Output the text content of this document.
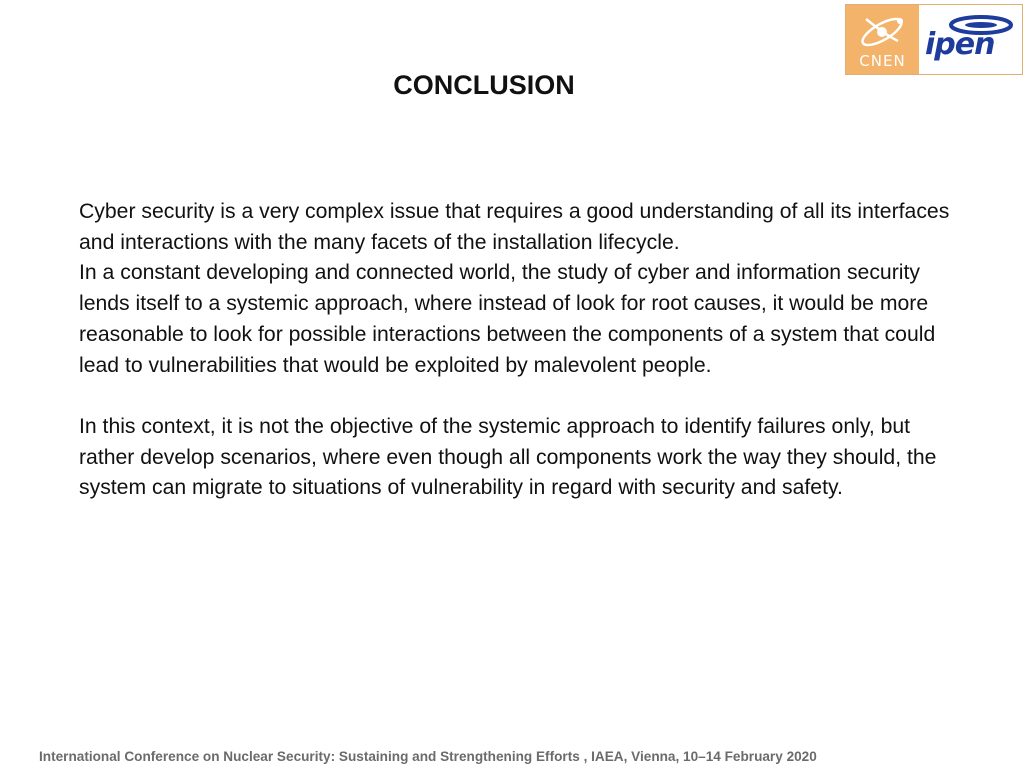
CNEN ipen
CONCLUSION

Cyber security is a very complex issue that requires a good understanding of all its interfaces and interactions with the many facets of the installation lifecycle.

In a constant developing and connected world, the study of cyber and information security lends itself to a systemic approach, where instead of look for root causes, it would be more reasonable to look for possible interactions between the components of a system that could lead to vulnerabilities that would be exploited by malevolent people.

In this context, it is not the objective of the systemic approach to identify failures only, but rather develop scenarios, where even though all components work the way they should, the system can migrate to situations of vulnerability in regard with security and safety.

International Conference on Nuclear Security: Sustaining and Strengthening Efforts , IAEA, Vienna, 10–14 February 2020
